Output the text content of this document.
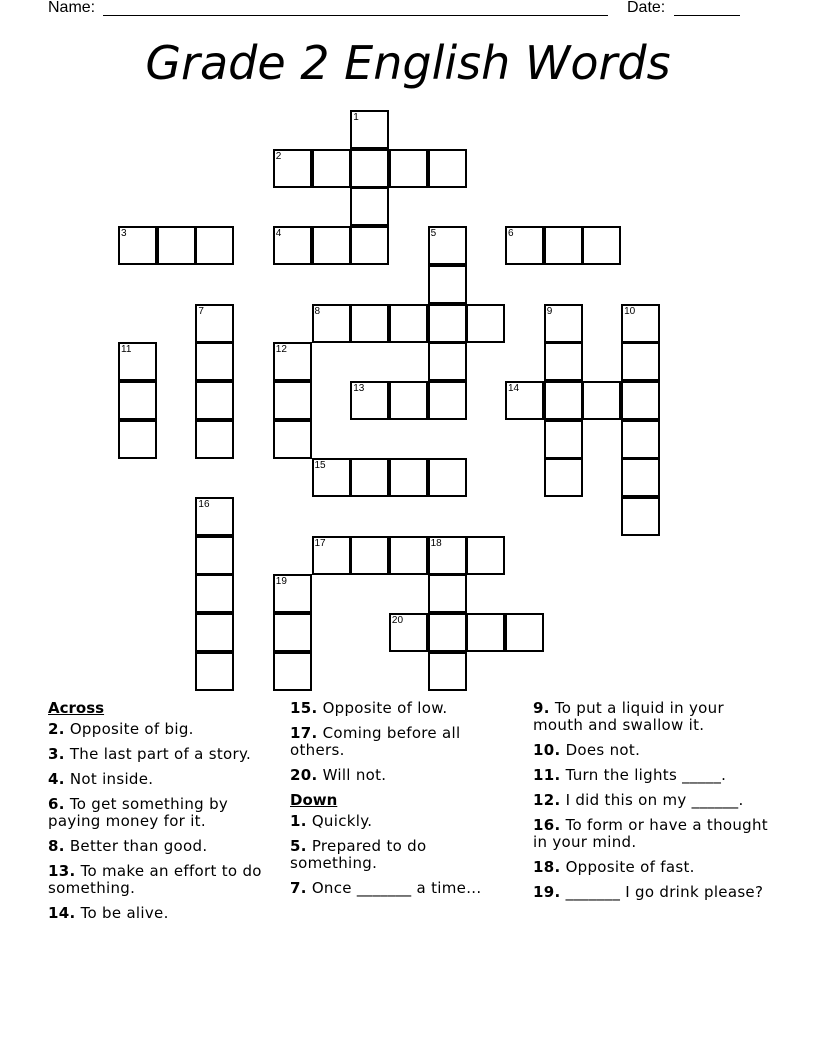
Name:	Date:
Grade 2 English Words
1
2
3	4	5	6
7	8	9	10
11	12
13	14
15
16
17	18
19
20
Across
2. Opposite of big.
3. The last part of a story.
4. Not inside.
6. To get something by paying money for it.
8. Better than good.
13. To make an effort to do something.
14. To be alive.
15. Opposite of low.
17. Coming before all others.
20. Will not.
Down
1. Quickly.
5. Prepared to do something.
7. Once _______ a time...
9. To put a liquid in your mouth and swallow it.
10. Does not.
11. Turn the lights _____.
12. I did this on my ______.
16. To form or have a thought in your mind.
18. Opposite of fast.
19. _______ I go drink please?
